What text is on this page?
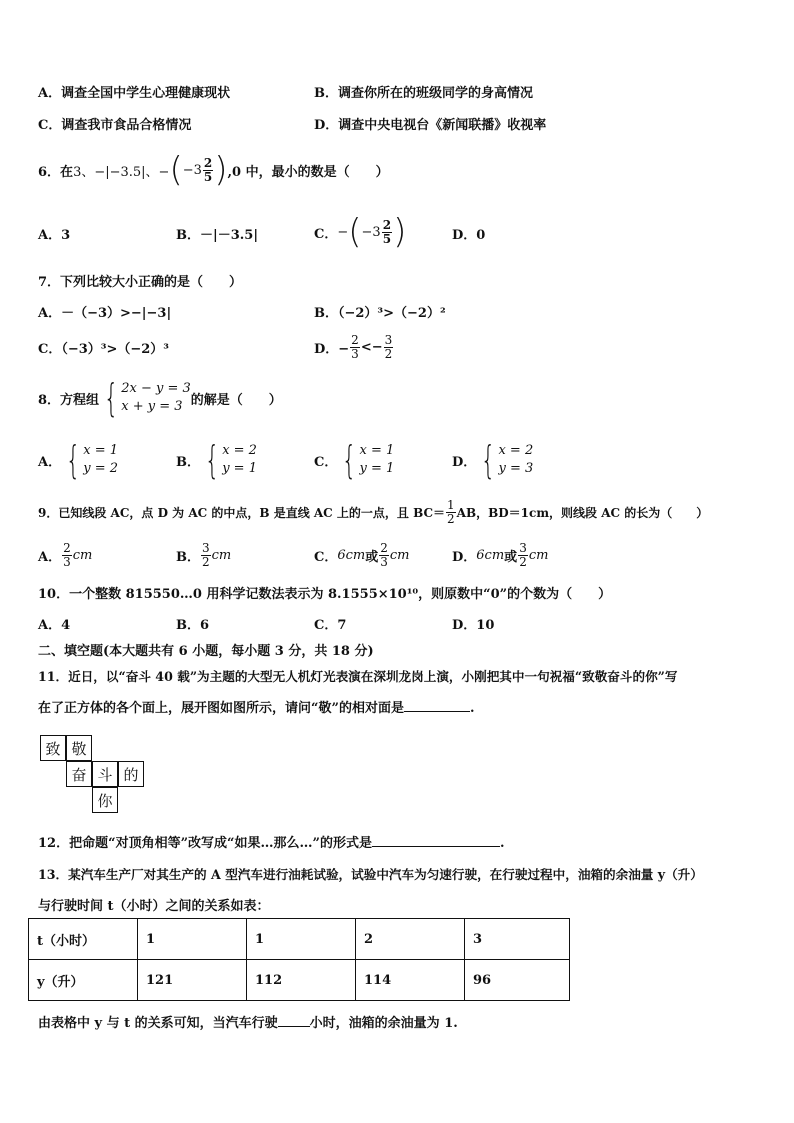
A．调查全国中学生心理健康现状	B．调查你所在的班级同学的身高情况
C．调查我市食品合格情况	D．调查中央电视台《新闻联播》收视率
6． 在 3、−|−3.5|、− ( $-3 \frac{2}{5}$ ) ,0 中，最小的数是（　　）
A．3	B．－|－3.5|	C． − ( $-3 \frac{2}{5}$ )	D．0
7．下列比较大小正确的是（　　）
A．－（−3）>−|−3|	B．（−2）³>（−2）²
C．（−3）³>（−2）³	D．− $\frac{2}{3} <- \frac{3}{2}$
8．方程组 { 2x − y = 3
x + y = 3 的解是（　　）
A． { x = 1
y = 2	B． { x = 2
y = 1	C． { x = 1
y = 1	D． { x = 2
y = 3
9．已知线段 AC，点 D 为 AC 的中点，B 是直线 AC 上的一点，且 $BC= \frac{1}{2}$ AB，BD＝1cm，则线段 AC 的长为（　　）
A． $\frac{2}{3}$ cm	B． $\frac{3}{2}$ cm	C． 6cm 或 $\frac{2}{3}$ cm	D． 6cm 或 $\frac{3}{2}$ cm
10．一个整数 815550…0 用科学记数法表示为 8.1555×10¹⁰，则原数中“0”的个数为（　　）
A．4	B．6	C．7	D．10
二、填空题(本大题共有 6 小题，每小题 3 分，共 18 分)
11．近日，以“奋斗 40 载”为主题的大型无人机灯光表演在深圳龙岗上演，小刚把其中一句祝福“致敬奋斗的你”写
在了正方体的各个面上，展开图如图所示，请问“敬”的相对面是	.
致 敬
奋 斗 的
你
12．把命题“对顶角相等”改写成“如果…那么…”的形式是	.
13．某汽车生产厂对其生产的 A 型汽车进行油耗试验，试验中汽车为匀速行驶，在行驶过程中，油箱的余油量 y（升）
与行驶时间 t（小时）之间的关系如表：
t（小时）	1	1	2	3
y（升）	121	112	114	96
由表格中 y 与 t 的关系可知，当汽车行驶 小时，油箱的余油量为 1.
